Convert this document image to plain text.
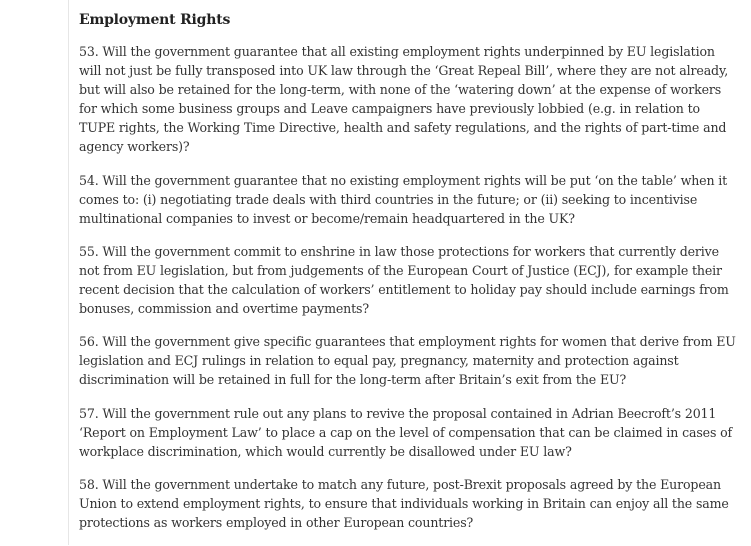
Employment Rights

53. Will the government guarantee that all existing employment rights underpinned by EU legislation will not just be fully transposed into UK law through the ‘Great Repeal Bill’, where they are not already, but will also be retained for the long-term, with none of the ‘watering down’ at the expense of workers for which some business groups and Leave campaigners have previously lobbied (e.g. in relation to TUPE rights, the Working Time Directive, health and safety regulations, and the rights of part-time and agency workers)?

54. Will the government guarantee that no existing employment rights will be put ‘on the table’ when it comes to: (i) negotiating trade deals with third countries in the future; or (ii) seeking to incentivise multinational companies to invest or become/remain headquartered in the UK?

55. Will the government commit to enshrine in law those protections for workers that currently derive not from EU legislation, but from judgements of the European Court of Justice (ECJ), for example their recent decision that the calculation of workers’ entitlement to holiday pay should include earnings from bonuses, commission and overtime payments?

56. Will the government give specific guarantees that employment rights for women that derive from EU legislation and ECJ rulings in relation to equal pay, pregnancy, maternity and protection against discrimination will be retained in full for the long-term after Britain’s exit from the EU?

57. Will the government rule out any plans to revive the proposal contained in Adrian Beecroft’s 2011 ‘Report on Employment Law’ to place a cap on the level of compensation that can be claimed in cases of workplace discrimination, which would currently be disallowed under EU law?

58. Will the government undertake to match any future, post-Brexit proposals agreed by the European Union to extend employment rights, to ensure that individuals working in Britain can enjoy all the same protections as workers employed in other European countries?
